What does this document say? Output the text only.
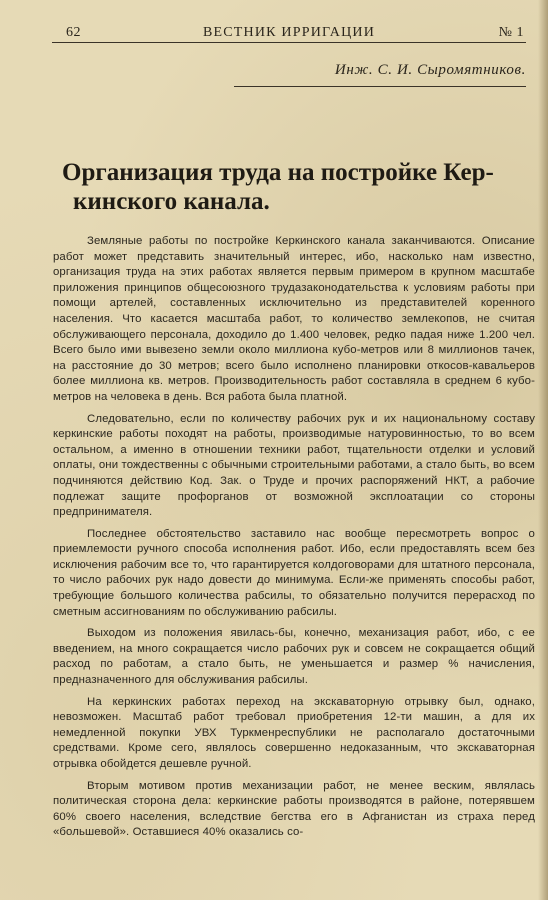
62	ВЕСТНИК ИРРИГАЦИИ	№ 1
Инж. С. И. Сыромятников.
Организация труда на постройке Кер-
кинского канала.

Земляные работы по постройке Керкинского канала заканчиваются. Описание работ может представить значительный интерес, ибо, насколько нам известно, организация труда на этих работах является первым примером в крупном масштабе приложения принципов общесоюзного трудазаконодательства к условиям работы при помощи артелей, составленных исключительно из представителей коренного населения. Что касается масштаба работ, то количество землекопов, не считая обслуживающего персонала, доходило до 1.400 человек, редко падая ниже 1.200 чел. Всего было ими вывезено земли около миллиона кубо-метров или 8 миллионов тачек, на расстояние до 30 метров; всего было исполнено планировки откосов-кавальеров более миллиона кв. метров. Производительность работ составляла в среднем 6 кубо-метров на человека в день. Вся работа была платной.

Следовательно, если по количеству рабочих рук и их национальному составу керкинские работы походят на работы, производимые натуровинностью, то во всем остальном, а именно в отношении техники работ, тщательности отделки и условий оплаты, они тождественны с обычными строительными работами, а стало быть, во всем подчиняются действию Код. Зак. о Труде и прочих распоряжений НКТ, а рабочие подлежат защите профорганов от возможной эксплоатации со стороны предпринимателя.

Последнее обстоятельство заставило нас вообще пересмотреть вопрос о приемлемости ручного способа исполнения работ. Ибо, если предоставлять всем без исключения рабочим все то, что гарантируется колдоговорами для штатного персонала, то число рабочих рук надо довести до минимума. Если-же применять способы работ, требующие большого количества рабсилы, то обязательно получится перерасход по сметным ассигнованиям по обслуживанию рабсилы.

Выходом из положения явилась-бы, конечно, механизация работ, ибо, с ее введением, на много сокращается число рабочих рук и совсем не сокращается общий расход по работам, а стало быть, не уменьшается и размер % начисления, предназначенного для обслуживания рабсилы.

На керкинских работах переход на экскаваторную отрывку был, однако, невозможен. Масштаб работ требовал приобретения 12-ти машин, а для их немедленной покупки УВХ Туркменреспублики не располагало достаточными средствами. Кроме сего, являлось совершенно недоказанным, что экскаваторная отрывка обойдется дешевле ручной.

Вторым мотивом против механизации работ, не менее веским, являлась политическая сторона дела: керкинские работы производятся в районе, потерявшем 60% своего населения, вследствие бегства его в Афганистан из страха перед «большевой». Оставшиеся 40% оказались со-
